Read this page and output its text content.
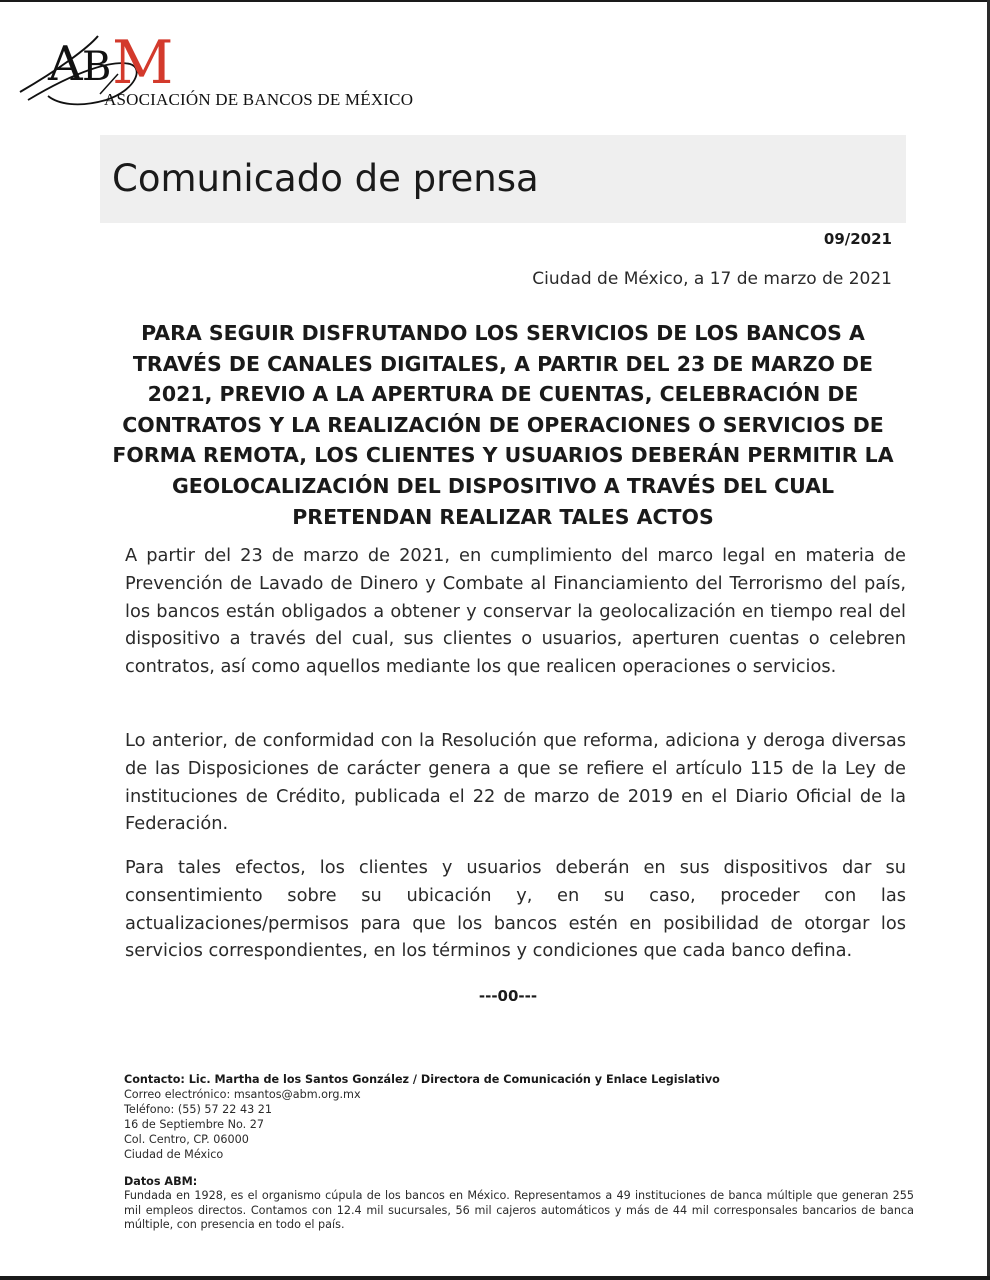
A B M
ASOCIACIÓN DE BANCOS DE MÉXICO
Comunicado de prensa
09/2021
Ciudad de México, a 17 de marzo de 2021

PARA SEGUIR DISFRUTANDO LOS SERVICIOS DE LOS BANCOS A TRAVÉS DE CANALES DIGITALES, A PARTIR DEL 23 DE MARZO DE 2021, PREVIO A LA APERTURA DE CUENTAS, CELEBRACIÓN DE CONTRATOS Y LA REALIZACIÓN DE OPERACIONES O SERVICIOS DE FORMA REMOTA, LOS CLIENTES Y USUARIOS DEBERÁN PERMITIR LA GEOLOCALIZACIÓN DEL DISPOSITIVO A TRAVÉS DEL CUAL PRETENDAN REALIZAR TALES ACTOS

A partir del 23 de marzo de 2021, en cumplimiento del marco legal en materia de Prevención de Lavado de Dinero y Combate al Financiamiento del Terrorismo del país, los bancos están obligados a obtener y conservar la geolocalización en tiempo real del dispositivo a través del cual, sus clientes o usuarios, aperturen cuentas o celebren contratos, así como aquellos mediante los que realicen operaciones o servicios.

Lo anterior, de conformidad con la Resolución que reforma, adiciona y deroga diversas de las Disposiciones de carácter genera a que se refiere el artículo 115 de la Ley de instituciones de Crédito, publicada el 22 de marzo de 2019 en el Diario Oficial de la Federación.

Para tales efectos, los clientes y usuarios deberán en sus dispositivos dar su consentimiento sobre su ubicación y, en su caso, proceder con las actualizaciones/permisos para que los bancos estén en posibilidad de otorgar los servicios correspondientes, en los términos y condiciones que cada banco defina.

---00---
Contacto: Lic. Martha de los Santos González / Directora de Comunicación y Enlace Legislativo
Correo electrónico: msantos@abm.org.mx
Teléfono: (55) 57 22 43 21
16 de Septiembre No. 27
Col. Centro, CP. 06000
Ciudad de México
Datos ABM:
Fundada en 1928, es el organismo cúpula de los bancos en México. Representamos a 49 instituciones de banca múltiple que generan 255 mil empleos directos. Contamos con 12.4 mil sucursales, 56 mil cajeros automáticos y más de 44 mil corresponsales bancarios de banca múltiple, con presencia en todo el país.
